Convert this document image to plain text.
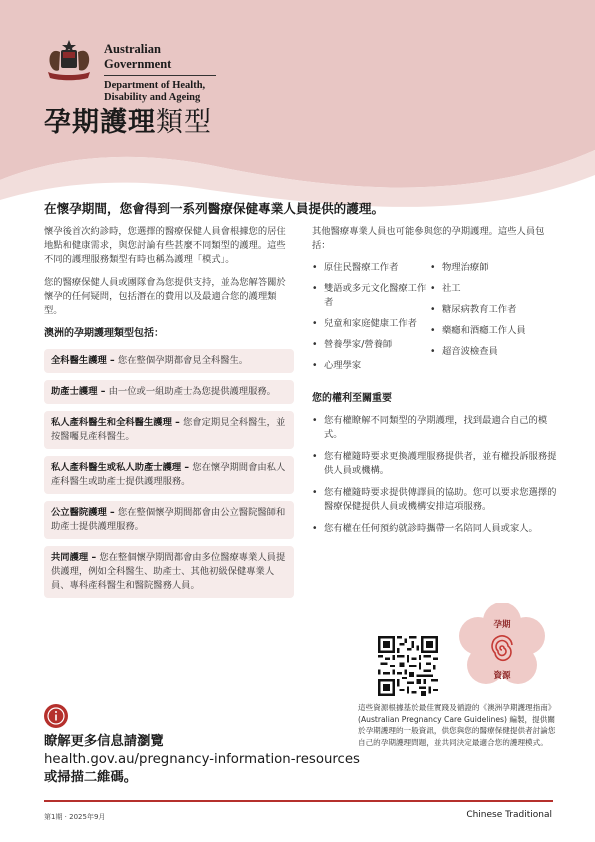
Australian Government
Department of Health,
Disability and Ageing
孕期護理類型
在懷孕期間，您會得到一系列醫療保健專業人員提供的護理。

懷孕後首次約診時，您選擇的醫療保健人員會根據您的居住地點和健康需求，與您討論有些甚麼不同類型的護理。這些不同的護理服務類型有時也稱為護理「模式」。

您的醫療保健人員或團隊會為您提供支持，並為您解答關於懷孕的任何疑問，包括潛在的費用以及最適合您的護理類型。

澳洲的孕期護理類型包括：
全科醫生護理 – 您在整個孕期都會見全科醫生。
助產士護理 – 由一位或一組助產士為您提供護理服務。
私人產科醫生和全科醫生護理 – 您會定期見全科醫生，並按醫囑見產科醫生。
私人產科醫生或私人助產士護理 – 您在懷孕期間會由私人產科醫生或助產士提供護理服務。
公立醫院護理 – 您在整個懷孕期間都會由公立醫院醫師和助產士提供護理服務。
共同護理 – 您在整個懷孕期間都會由多位醫療專業人員提供護理，例如全科醫生、助產士、其他初級保健專業人員、專科產科醫生和醫院醫務人員。

其他醫療專業人員也可能參與您的孕期護理。這些人員包括：

• 原住民醫療工作者
• 雙語或多元文化醫療工作者
• 兒童和家庭健康工作者
• 營養學家/營養師
• 心理學家
• 物理治療師
• 社工
• 糖尿病教育工作者
• 藥癮和酒癮工作人員
• 超音波檢查員
您的權利至關重要
• 您有權瞭解不同類型的孕期護理，找到最適合自己的模式。
• 您有權隨時要求更換護理服務提供者，並有權投訴服務提供人員或機構。
• 您有權隨時要求提供傳譯員的協助。您可以要求您選擇的醫療保健提供人員或機構安排這項服務。
• 您有權在任何預約就診時攜帶一名陪同人員或家人。
孕期
資源
這些資源根據基於最佳實踐及循證的《澳洲孕期護理指南》(Australian Pregnancy Care Guidelines) 編製，提供關於孕期護理的一般資訊，供您與您的醫療保健提供者討論您自己的孕期護理問題，並共同決定最適合您的護理模式。
瞭解更多信息請瀏覽
health.gov.au/pregnancy-information-resources
或掃描二維碼。
第1期 · 2025年9月	Chinese Traditional
